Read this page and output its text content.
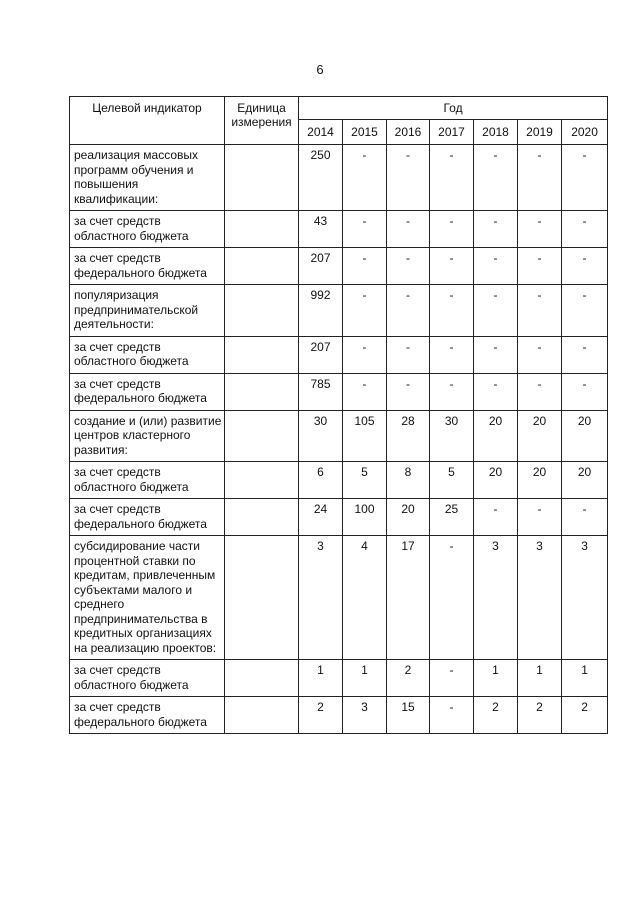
6
Целевой индикатор	Единица измерения	Год						
		2014	2015	2016	2017	2018	2019	2020
реализация массовых программ обучения и повышения квалификации:		250	-	-	-	-	-	-
за счет средств областного бюджета		43	-	-	-	-	-	-
за счет средств федерального бюджета		207	-	-	-	-	-	-
популяризация предпринимательской деятельности:		992	-	-	-	-	-	-
за счет средств областного бюджета		207	-	-	-	-	-	-
за счет средств федерального бюджета		785	-	-	-	-	-	-
создание и (или) развитие центров кластерного развития:		30	105	28	30	20	20	20
за счет средств областного бюджета		6	5	8	5	20	20	20
за счет средств федерального бюджета		24	100	20	25	-	-	-
субсидирование части процентной ставки по кредитам, привлеченным субъектами малого и среднего предпринимательства в кредитных организациях на реализацию проектов:		3	4	17	-	3	3	3
за счет средств областного бюджета		1	1	2	-	1	1	1
за счет средств федерального бюджета		2	3	15	-	2	2	2
